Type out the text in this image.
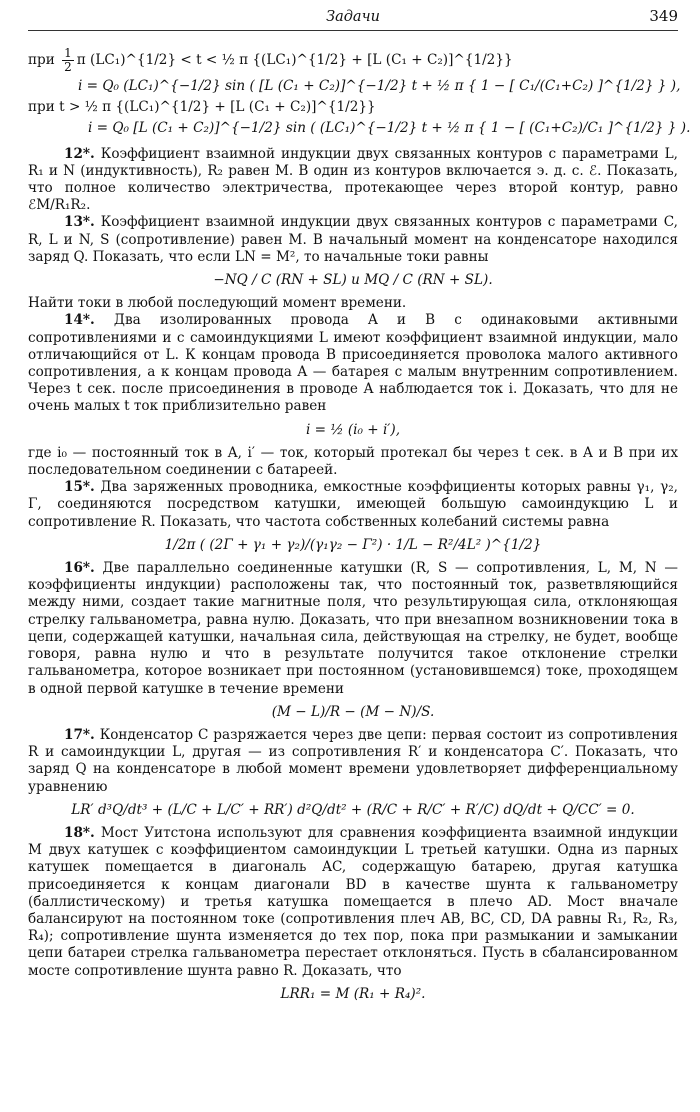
Задачи	349
при
$\frac{1}{2}$ π (LC₁)^{1/2} < t < ½ π {(LC₁)^{1/2} + [L (C₁ + C₂)]^{1/2}}
i = Q₀ (LC₁)^{−1/2} sin ( [L (C₁ + C₂)]^{−1/2} t + ½ π { 1 − [ C₁/(C₁+C₂) ]^{1/2} } ),
при
t > ½ π {(LC₁)^{1/2} + [L (C₁ + C₂)]^{1/2}}
i = Q₀ [L (C₁ + C₂)]^{−1/2} sin ( (LC₁)^{−1/2} t + ½ π { 1 − [ (C₁+C₂)/C₁ ]^{1/2} } ).

12*. Коэффициент взаимной индукции двух связанных контуров с параметрами L, R₁ и N (индуктивность), R₂ равен M. В один из контуров включается э. д. с. ℰ. Показать, что полное количество электричества, протекающее через второй контур, равно ℰM/R₁R₂.

13*. Коэффициент взаимной индукции двух связанных контуров с параметрами C, R, L и N, S (сопротивление) равен M. В начальный момент на конденсаторе находился заряд Q. Показать, что если LN = M², то начальные токи равны

−NQ / C (RN + SL) и MQ / C (RN + SL).

Найти токи в любой последующий момент времени.

14*. Два изолированных провода A и B с одинаковыми активными сопротивлениями и с самоиндукциями L имеют коэффициент взаимной индукции, мало отличающийся от L. К концам провода B присоединяется проволока малого активного сопротивления, а к концам провода A — батарея с малым внутренним сопротивлением. Через t сек. после присоединения в проводе A наблюдается ток i. Доказать, что для не очень малых t ток приблизительно равен

i = ½ (i₀ + i′),

где i₀ — постоянный ток в A, i′ — ток, который протекал бы через t сек. в A и B при их последовательном соединении с батареей.

15*. Два заряженных проводника, емкостные коэффициенты которых равны γ₁, γ₂, Γ, соединяются посредством катушки, имеющей большую самоиндукцию L и сопротивление R. Показать, что частота собственных колебаний системы равна

1/2π ( (2Γ + γ₁ + γ₂)/(γ₁γ₂ − Γ²) · 1/L − R²/4L² )^{1/2}

16*. Две параллельно соединенные катушки (R, S — сопротивления, L, M, N — коэффициенты индукции) расположены так, что постоянный ток, разветвляющийся между ними, создает такие магнитные поля, что результирующая сила, отклоняющая стрелку гальванометра, равна нулю. Доказать, что при внезапном возникновении тока в цепи, содержащей катушки, начальная сила, действующая на стрелку, не будет, вообще говоря, равна нулю и что в результате получится такое отклонение стрелки гальванометра, которое возникает при постоянном (установившемся) токе, проходящем в одной первой катушке в течение времени

(M − L)/R − (M − N)/S.

17*. Конденсатор C разряжается через две цепи: первая состоит из сопротивления R и самоиндукции L, другая — из сопротивления R′ и конденсатора C′. Показать, что заряд Q на конденсаторе в любой момент времени удовлетворяет дифференциальному уравнению

LR′ d³Q/dt³ + (L/C + L/C′ + RR′) d²Q/dt² + (R/C + R/C′ + R′/C) dQ/dt + Q/CC′ = 0.

18*. Мост Уитстона используют для сравнения коэффициента взаимной индукции M двух катушек с коэффициентом самоиндукции L третьей катушки. Одна из парных катушек помещается в диагональ AC, содержащую батарею, другая катушка присоединяется к концам диагонали BD в качестве шунта к гальванометру (баллистическому) и третья катушка помещается в плечо AD. Мост вначале балансируют на постоянном токе (сопротивления плеч AB, BC, CD, DA равны R₁, R₂, R₃, R₄); сопротивление шунта изменяется до тех пор, пока при размыкании и замыкании цепи батареи стрелка гальванометра перестает отклоняться. Пусть в сбалансированном мосте сопротивление шунта равно R. Доказать, что

LRR₁ = M (R₁ + R₄)².
